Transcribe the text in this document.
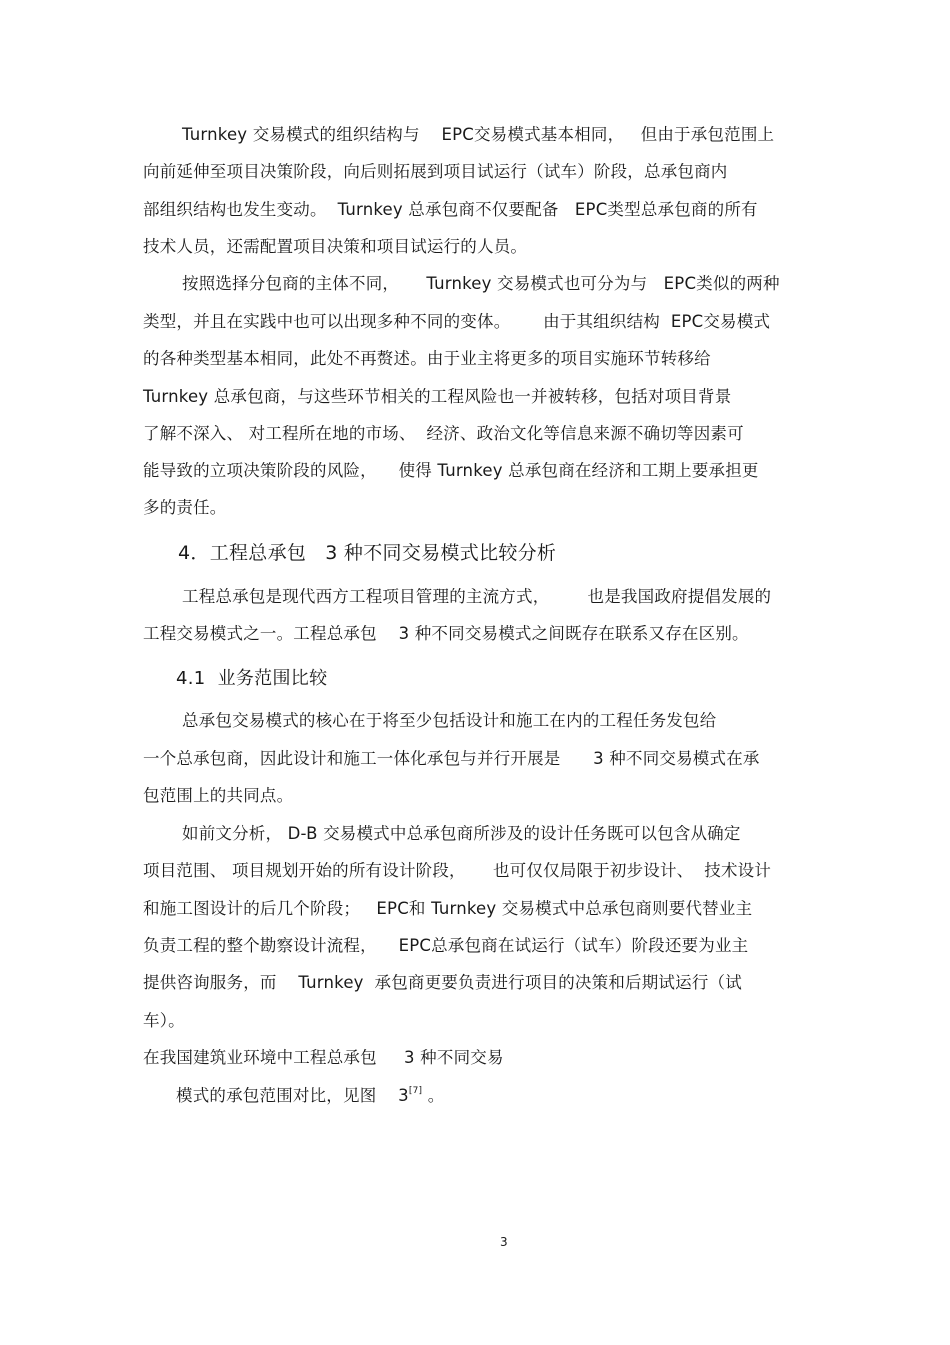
Turnkey 交易模式的组织结构与    EPC交易模式基本相同，   但由于承包范围上
向前延伸至项目决策阶段，向后则拓展到项目试运行（试车）阶段，总承包商内
部组织结构也发生变动。  Turnkey 总承包商不仅要配备   EPC类型总承包商的所有
技术人员，还需配置项目决策和项目试运行的人员。
按照选择分包商的主体不同，     Turnkey 交易模式也可分为与   EPC类似的两种
类型，并且在实践中也可以出现多种不同的变体。      由于其组织结构  EPC交易模式
的各种类型基本相同，此处不再赘述。由于业主将更多的项目实施环节转移给
Turnkey 总承包商，与这些环节相关的工程风险也一并被转移，包括对项目背景
了解不深入、 对工程所在地的市场、  经济、政治文化等信息来源不确切等因素可
能导致的立项决策阶段的风险，    使得 Turnkey 总承包商在经济和工期上要承担更
多的责任。
4．工程总承包   3 种不同交易模式比较分析
工程总承包是现代西方工程项目管理的主流方式，       也是我国政府提倡发展的
工程交易模式之一。工程总承包    3 种不同交易模式之间既存在联系又存在区别。
4.1  业务范围比较
总承包交易模式的核心在于将至少包括设计和施工在内的工程任务发包给
一个总承包商，因此设计和施工一体化承包与并行开展是      3 种不同交易模式在承
包范围上的共同点。
如前文分析， D-B 交易模式中总承包商所涉及的设计任务既可以包含从确定
项目范围、 项目规划开始的所有设计阶段，     也可仅仅局限于初步设计、  技术设计
和施工图设计的后几个阶段；   EPC和 Turnkey 交易模式中总承包商则要代替业主
负责工程的整个勘察设计流程，    EPC总承包商在试运行（试车）阶段还要为业主
提供咨询服务，而    Turnkey  承包商更要负责进行项目的决策和后期试运行（试
车）。
在我国建筑业环境中工程总承包     3 种不同交易
模式的承包范围对比，见图    3[7] 。
3
